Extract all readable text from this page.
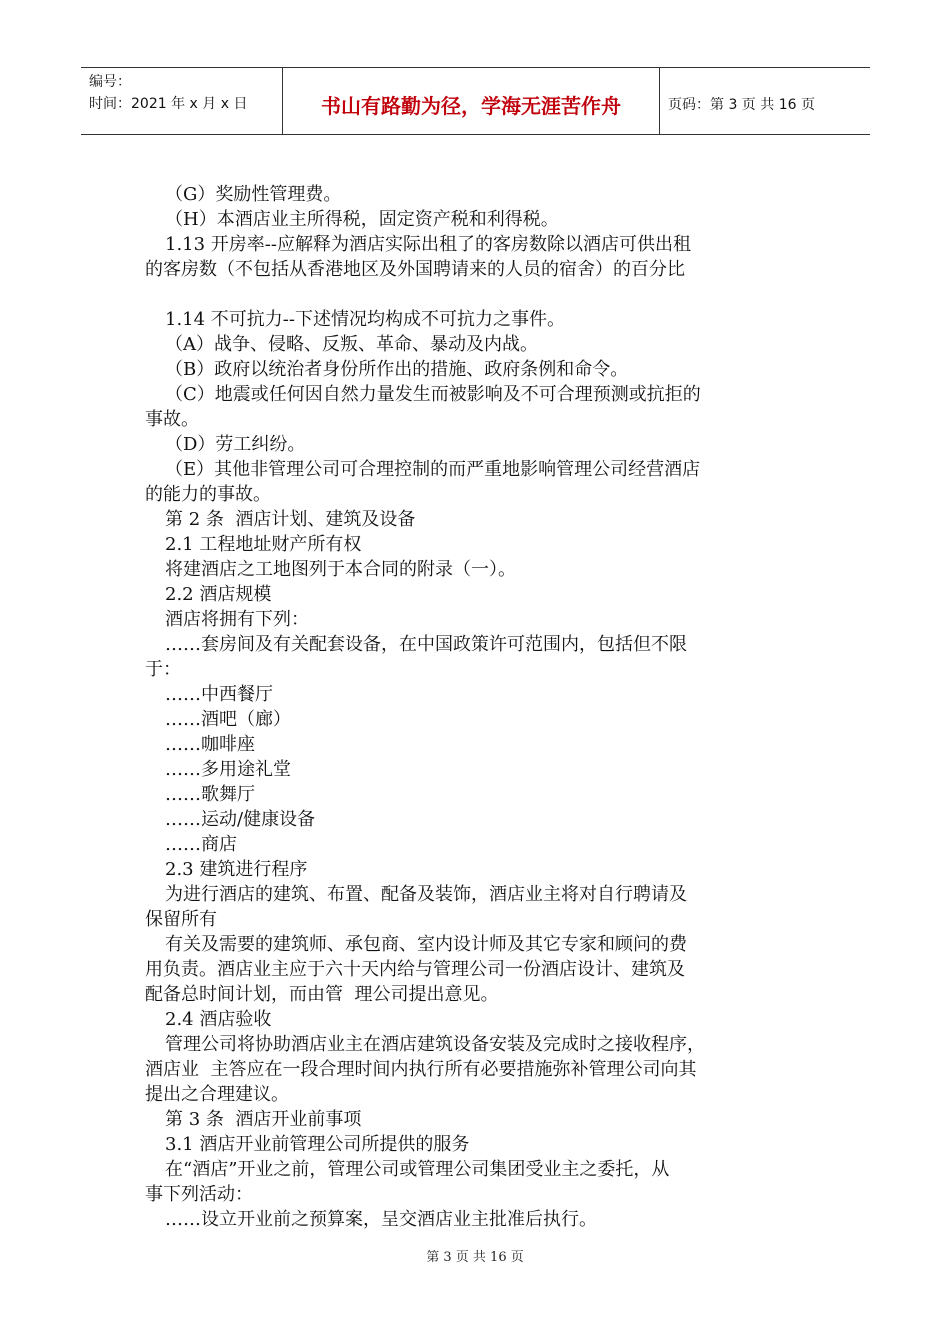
编号：
时间：2021 年 x 月 x 日	书山有路勤为径，学海无涯苦作舟	页码：第 3 页 共 16 页
（G）奖励性管理费。
（H）本酒店业主所得税，固定资产税和利得税。
1.13 开房率--应解释为酒店实际出租了的客房数除以酒店可供出租
的客房数（不包括从香港地区及外国聘请来的人员的宿舍）的百分比
1.14 不可抗力--下述情况均构成不可抗力之事件。
（A）战争、侵略、反叛、革命、暴动及内战。
（B）政府以统治者身份所作出的措施、政府条例和命令。
（C）地震或任何因自然力量发生而被影响及不可合理预测或抗拒的
事故。
（D）劳工纠纷。
（E）其他非管理公司可合理控制的而严重地影响管理公司经营酒店
的能力的事故。
第 2 条  酒店计划、建筑及设备
2.1 工程地址财产所有权
将建酒店之工地图列于本合同的附录（一）。
2.2 酒店规模
酒店将拥有下列：
……套房间及有关配套设备，在中国政策许可范围内，包括但不限
于：
……中西餐厅
……酒吧（廊）
……咖啡座
……多用途礼堂
……歌舞厅
……运动/健康设备
……商店
2.3 建筑进行程序
为进行酒店的建筑、布置、配备及装饰，酒店业主将对自行聘请及
保留所有
有关及需要的建筑师、承包商、室内设计师及其它专家和顾问的费
用负责。酒店业主应于六十天内给与管理公司一份酒店设计、建筑及
配备总时间计划，而由管  理公司提出意见。
2.4 酒店验收
管理公司将协助酒店业主在酒店建筑设备安装及完成时之接收程序，
酒店业  主答应在一段合理时间内执行所有必要措施弥补管理公司向其
提出之合理建议。
第 3 条  酒店开业前事项
3.1 酒店开业前管理公司所提供的服务
在“酒店”开业之前，管理公司或管理公司集团受业主之委托，从
事下列活动：
……设立开业前之预算案，呈交酒店业主批准后执行。
第 3 页 共 16 页
